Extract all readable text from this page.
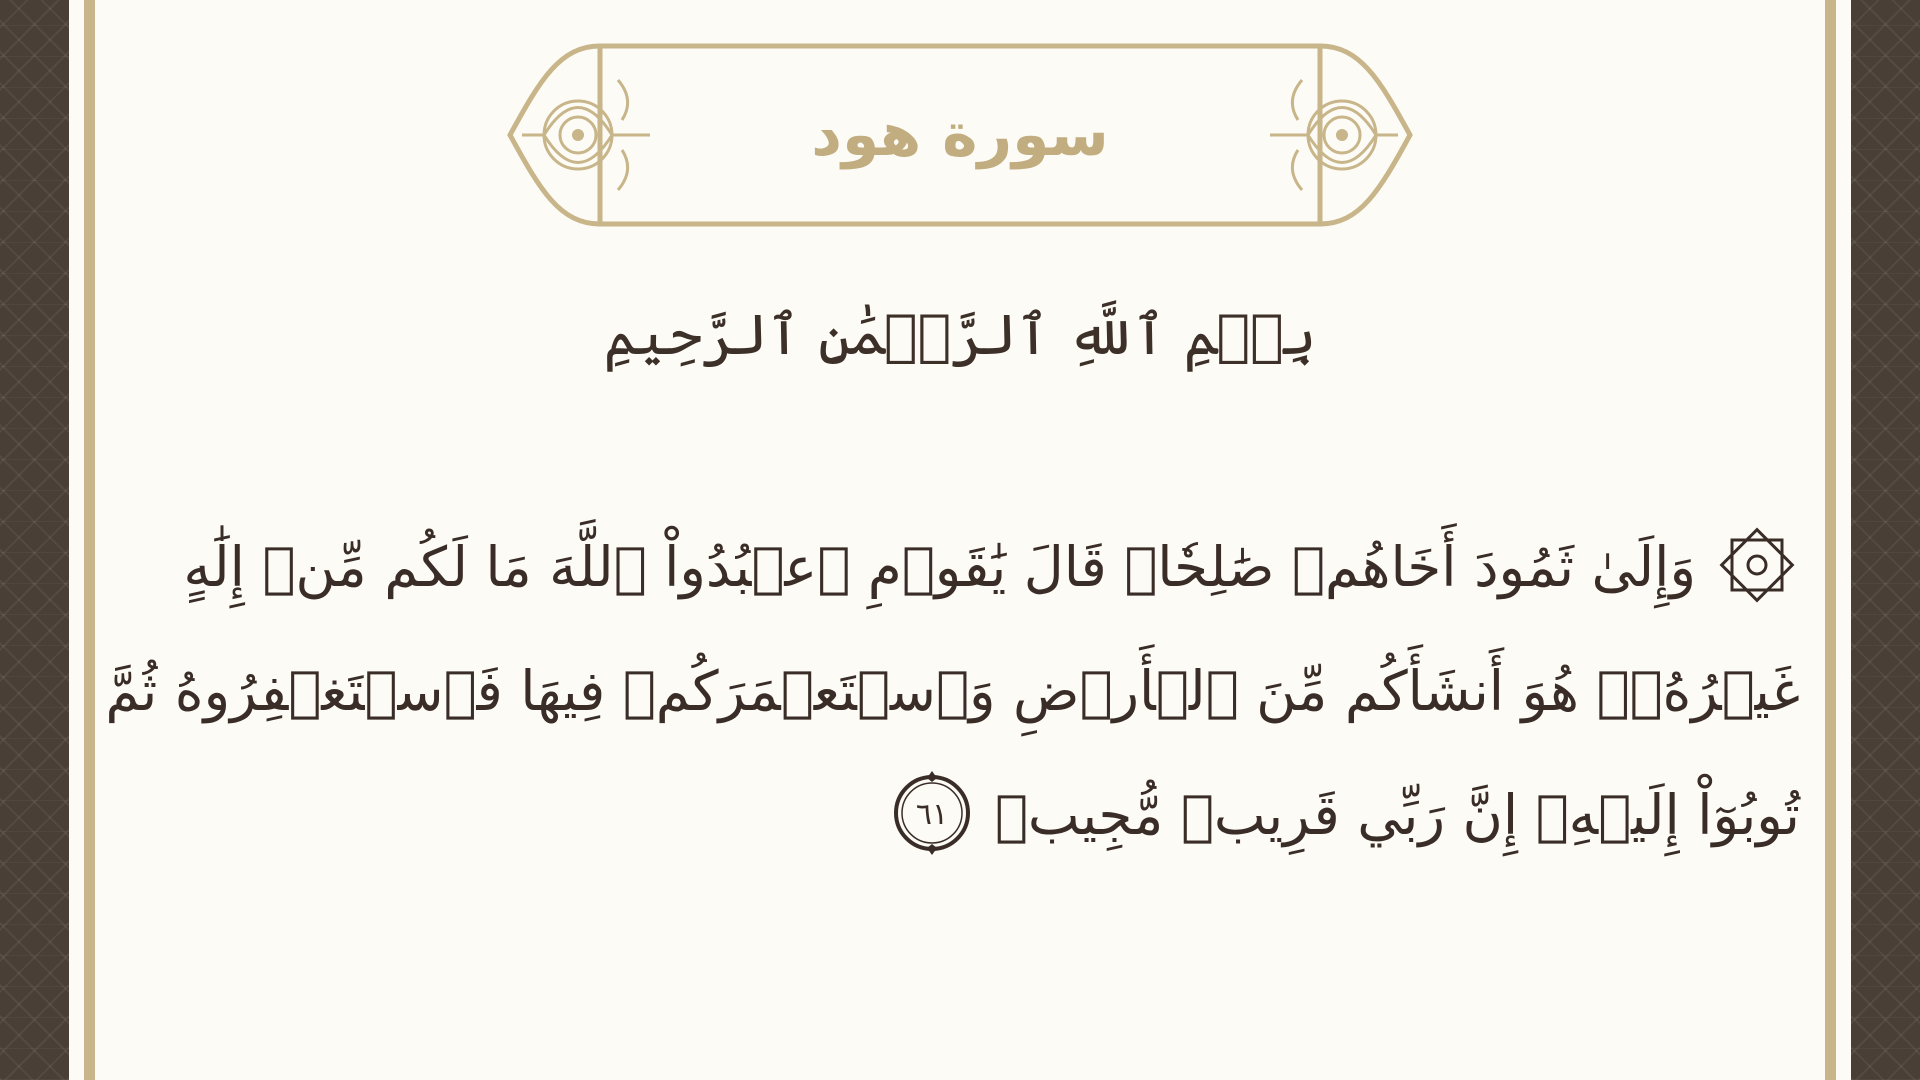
سورة هود
بِسۡمِ ٱللَّهِ ٱلرَّحۡمَٰنِ ٱلرَّحِيمِ
وَإِلَىٰ ثَمُودَ أَخَاهُمۡ صَٰلِحٗاۚ قَالَ يَٰقَوۡمِ ٱعۡبُدُواْ ٱللَّهَ مَا لَكُم مِّنۡ إِلَٰهٍ
غَيۡرُهُۥۖ هُوَ أَنشَأَكُم مِّنَ ٱلۡأَرۡضِ وَٱسۡتَعۡمَرَكُمۡ فِيهَا فَٱسۡتَغۡفِرُوهُ ثُمَّ
تُوبُوٓاْ إِلَيۡهِۚ إِنَّ رَبِّي قَرِيبٞ مُّجِيبٞ
٦١
